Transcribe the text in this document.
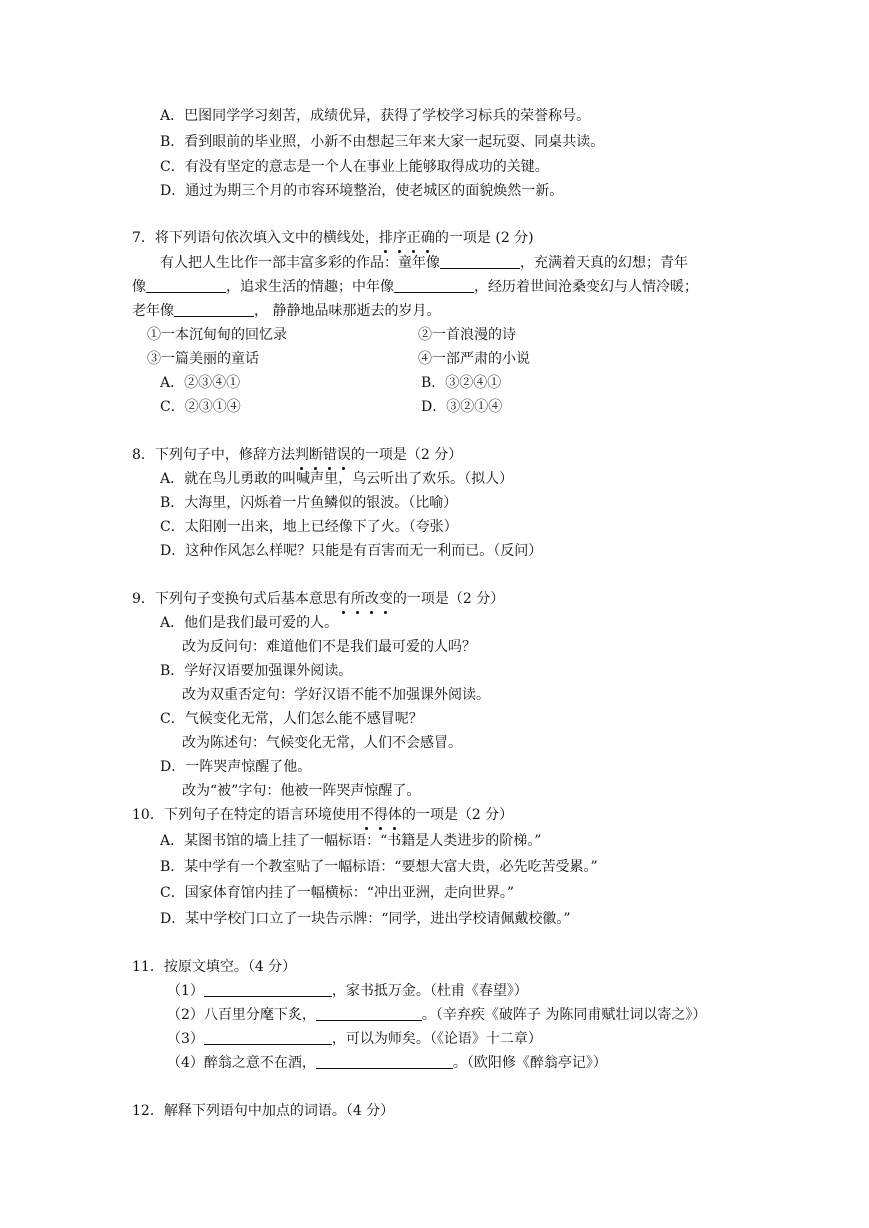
A．巴图同学学习刻苦，成绩优异，获得了学校学习标兵的荣誉称号。
B．看到眼前的毕业照，小新不由想起三年来大家一起玩耍、同桌共读。
C．有没有坚定的意志是一个人在事业上能够取得成功的关键。
D．通过为期三个月的市容环境整治，使老城区的面貌焕然一新。
7．将下列语句依次填入文中的横线处，排序正确的一项是 (2 分)
有人把人生比作一部丰富多彩的作品：童年像	，充满着天真的幻想；青年
像	，追求生活的情趣；中年像	，经历着世间沧桑变幻与人情冷暖；
老年像	， 静静地品味那逝去的岁月。
①一本沉甸甸的回忆录	②一首浪漫的诗
③一篇美丽的童话	④一部严肃的小说
A．②③④①	B．③②④①
C．②③①④	D．③②①④
8．下列句子中，修辞方法判断错误的一项是（2 分）
A．就在鸟儿勇敢的叫喊声里，乌云听出了欢乐。（拟人）
B．大海里，闪烁着一片鱼鳞似的银波。（比喻）
C．太阳刚一出来，地上已经像下了火。（夸张）
D．这种作风怎么样呢？只能是有百害而无一利而已。（反问）
9．下列句子变换句式后基本意思有所改变的一项是（2 分）
A．他们是我们最可爱的人。
改为反问句：难道他们不是我们最可爱的人吗？
B．学好汉语要加强课外阅读。
改为双重否定句：学好汉语不能不加强课外阅读。
C．气候变化无常，人们怎么能不感冒呢？
改为陈述句：气候变化无常，人们不会感冒。
D．一阵哭声惊醒了他。
改为“被”字句：他被一阵哭声惊醒了。
10．下列句子在特定的语言环境使用不得体的一项是（2 分）
A．某图书馆的墙上挂了一幅标语：“书籍是人类进步的阶梯。”
B．某中学有一个教室贴了一幅标语：“要想大富大贵，必先吃苦受累。”
C．国家体育馆内挂了一幅横标：“冲出亚洲，走向世界。”
D．某中学校门口立了一块告示牌：“同学，进出学校请佩戴校徽。”
11．按原文填空。（4 分）
（1）	，家书抵万金。（杜甫《春望》）
（2）八百里分麾下炙，	。（辛弃疾《破阵子 为陈同甫赋壮词以寄之》）
（3）	，可以为师矣。（《论语》十二章）
（4）醉翁之意不在酒，	。（欧阳修《醉翁亭记》）
12．解释下列语句中加点的词语。（4 分）
